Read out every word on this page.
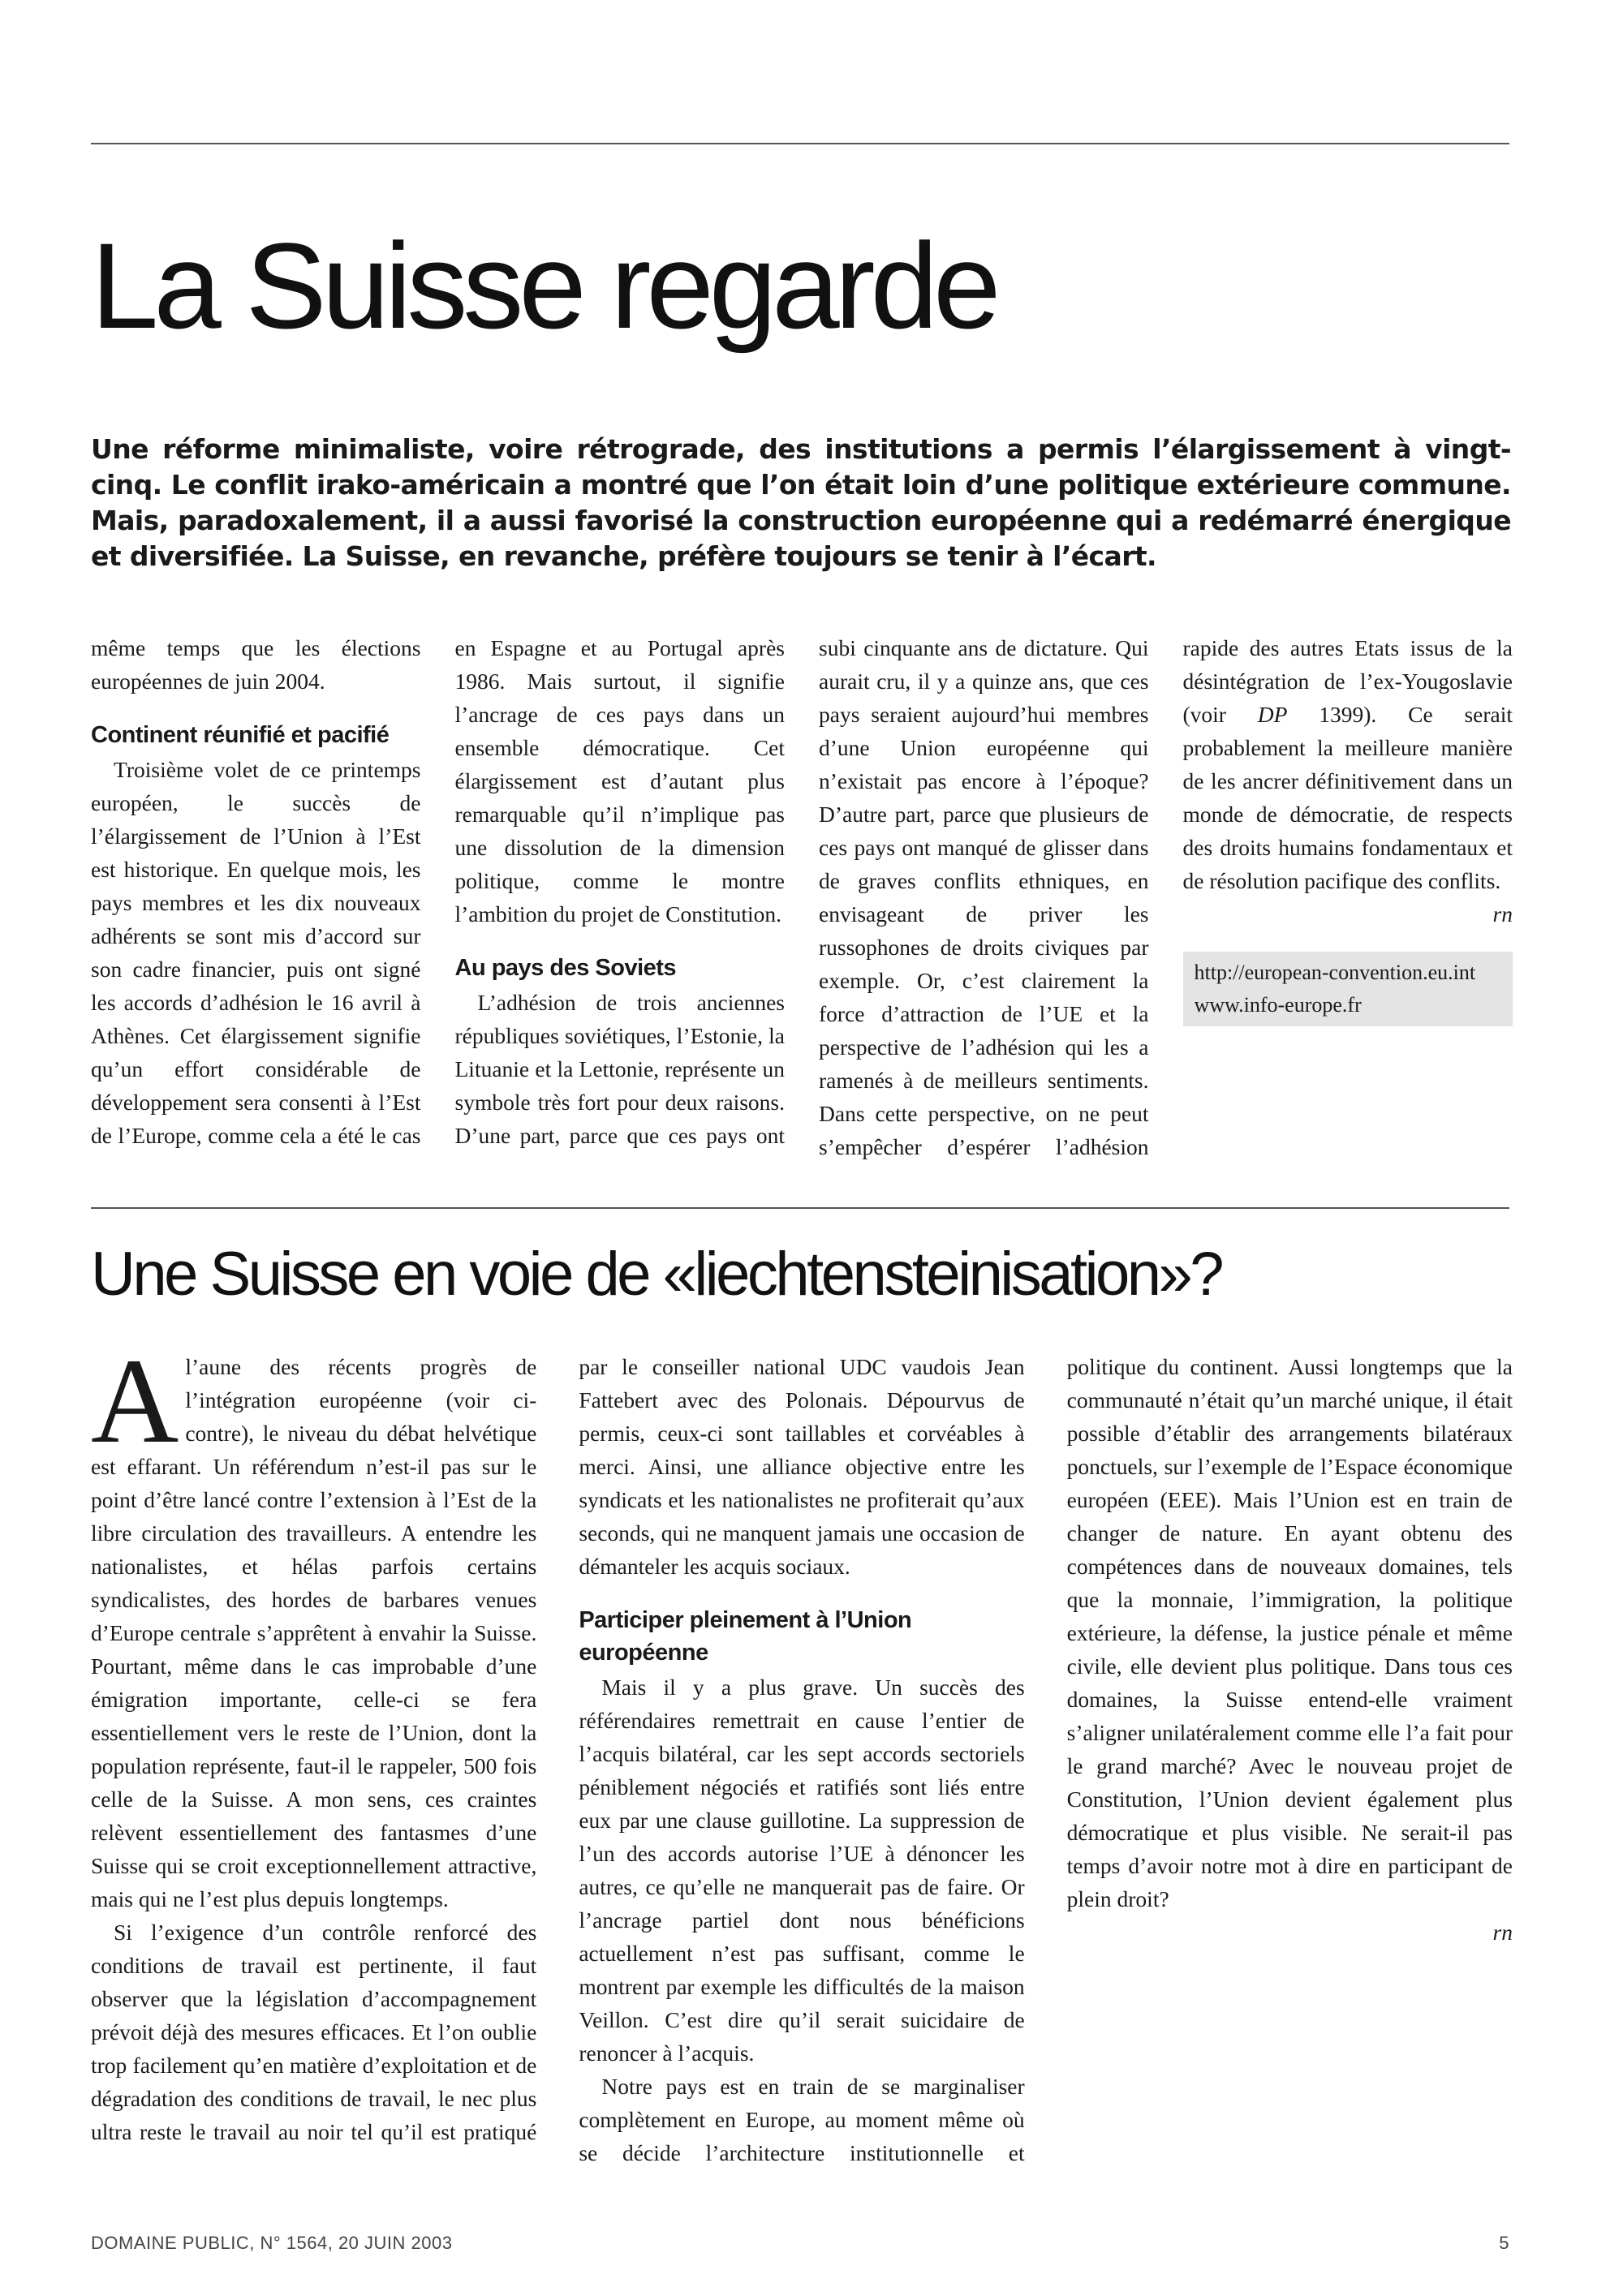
La Suisse regarde

Une réforme minimaliste, voire rétrograde, des institutions a permis l’élargissement à vingt-cinq. Le conflit irako-américain a montré que l’on était loin d’une politique extérieure commune. Mais, paradoxalement, il a aussi favorisé la construction européenne qui a redémarré énergique et diversifiée. La Suisse, en revanche, préfère toujours se tenir à l’écart.

même temps que les élections européennes de juin 2004.

Continent réunifié et pacifié

Troisième volet de ce printemps européen, le succès de l’élargissement de l’Union à l’Est est historique. En quelque mois, les pays membres et les dix nouveaux adhérents se sont mis d’accord sur son cadre financier, puis ont signé les accords d’adhésion le 16 avril à Athènes. Cet élargissement signifie qu’un effort considérable de développement sera consenti à l’Est de l’Europe, comme cela a été le cas en Espagne et au Portugal après 1986. Mais surtout, il signifie l’ancrage de ces pays dans un ensemble démocratique. Cet élargissement est d’autant plus remarquable qu’il n’implique pas une dissolution de la dimension politique, comme le montre l’ambition du projet de Constitution.

Au pays des Soviets

L’adhésion de trois anciennes républiques soviétiques, l’Estonie, la Lituanie et la Lettonie, représente un symbole très fort pour deux raisons. D’une part, parce que ces pays ont subi cinquante ans de dictature. Qui aurait cru, il y a quinze ans, que ces pays seraient aujourd’hui membres d’une Union européenne qui n’existait pas encore à l’époque? D’autre part, parce que plusieurs de ces pays ont manqué de glisser dans de graves conflits ethniques, en envisageant de priver les russophones de droits civiques par exemple. Or, c’est clairement la force d’attraction de l’UE et la perspective de l’adhésion qui les a ramenés à de meilleurs sentiments. Dans cette perspective, on ne peut s’empêcher d’espérer l’adhésion rapide des autres Etats issus de la désintégration de l’ex-Yougoslavie (voir DP 1399). Ce serait probablement la meilleure manière de les ancrer définitivement dans un monde de démocratie, de respects des droits humains fondamentaux et de résolution pacifique des conflits.
rn

http://european-convention.eu.int
www.info-europe.fr
Une Suisse en voie de «liechtensteinisation»?

Al’aune des récents progrès de l’intégration européenne (voir ci-contre), le niveau du débat helvétique est effarant. Un référendum n’est-il pas sur le point d’être lancé contre l’extension à l’Est de la libre circulation des travailleurs. A entendre les nationalistes, et hélas parfois certains syndicalistes, des hordes de barbares venues d’Europe centrale s’apprêtent à envahir la Suisse. Pourtant, même dans le cas improbable d’une émigration importante, celle-ci se fera essentiellement vers le reste de l’Union, dont la population représente, faut-il le rappeler, 500 fois celle de la Suisse. A mon sens, ces craintes relèvent essentiellement des fantasmes d’une Suisse qui se croit exceptionnellement attractive, mais qui ne l’est plus depuis longtemps.

Si l’exigence d’un contrôle renforcé des conditions de travail est pertinente, il faut observer que la législation d’accompagnement prévoit déjà des mesures efficaces. Et l’on oublie trop facilement qu’en matière d’exploitation et de dégradation des conditions de travail, le nec plus ultra reste le travail au noir tel qu’il est pratiqué par le conseiller national UDC vaudois Jean Fattebert avec des Polonais. Dépourvus de permis, ceux-ci sont taillables et corvéables à merci. Ainsi, une alliance objective entre les syndicats et les nationalistes ne profiterait qu’aux seconds, qui ne manquent jamais une occasion de démanteler les acquis sociaux.

Participer pleinement à l’Union européenne

Mais il y a plus grave. Un succès des référendaires remettrait en cause l’entier de l’acquis bilatéral, car les sept accords sectoriels péniblement négociés et ratifiés sont liés entre eux par une clause guillotine. La suppression de l’un des accords autorise l’UE à dénoncer les autres, ce qu’elle ne manquerait pas de faire. Or l’ancrage partiel dont nous bénéficions actuellement n’est pas suffisant, comme le montrent par exemple les difficultés de la maison Veillon. C’est dire qu’il serait suicidaire de renoncer à l’acquis.

Notre pays est en train de se marginaliser complètement en Europe, au moment même où se décide l’architecture institutionnelle et politique du continent. Aussi longtemps que la communauté n’était qu’un marché unique, il était possible d’établir des arrangements bilatéraux ponctuels, sur l’exemple de l’Espace économique européen (EEE). Mais l’Union est en train de changer de nature. En ayant obtenu des compétences dans de nouveaux domaines, tels que la monnaie, l’immigration, la politique extérieure, la défense, la justice pénale et même civile, elle devient plus politique. Dans tous ces domaines, la Suisse entend-elle vraiment s’aligner unilatéralement comme elle l’a fait pour le grand marché? Avec le nouveau projet de Constitution, l’Union devient également plus démocratique et plus visible. Ne serait-il pas temps d’avoir notre mot à dire en participant de plein droit?
rn

DOMAINE PUBLIC, N° 1564, 20 JUIN 2003	5
